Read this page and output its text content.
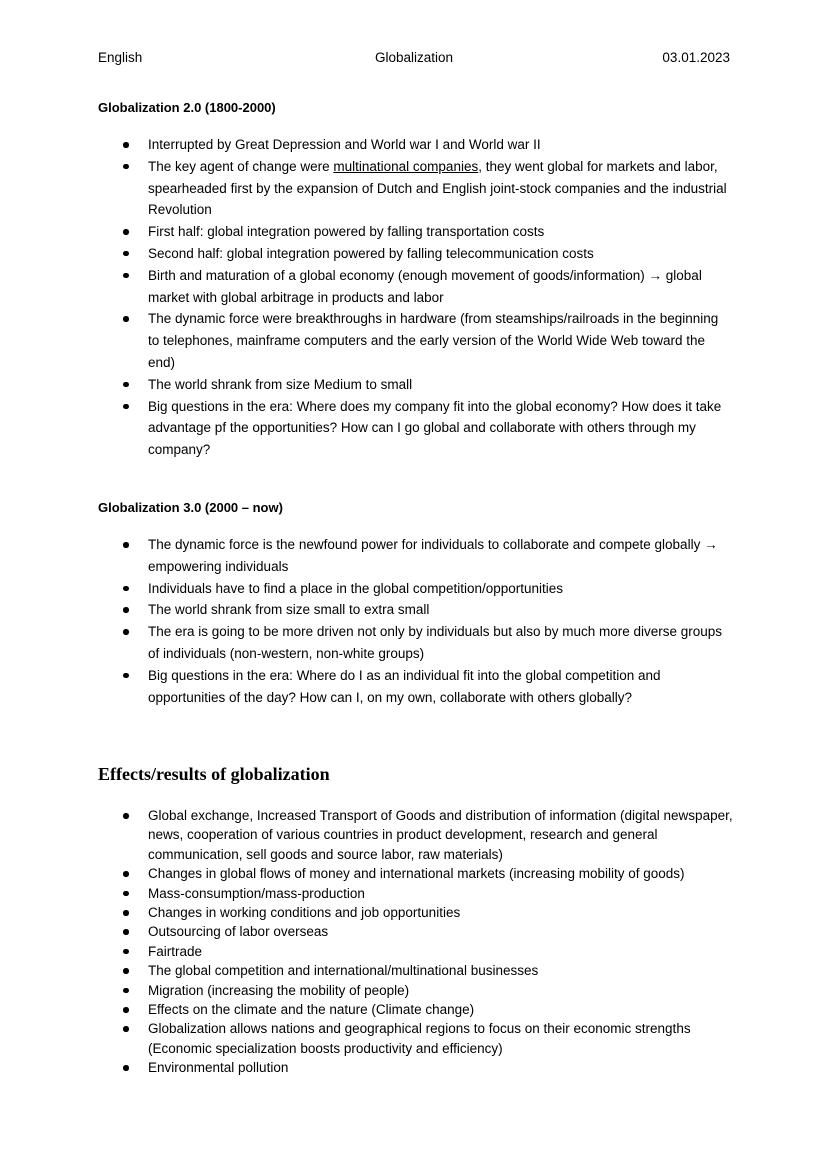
English	Globalization	03.01.2023
Globalization 2.0 (1800-2000)
Interrupted by Great Depression and World war I and World war II
The key agent of change were multinational companies, they went global for markets and labor, spearheaded first by the expansion of Dutch and English joint-stock companies and the industrial Revolution
First half: global integration powered by falling transportation costs
Second half: global integration powered by falling telecommunication costs
Birth and maturation of a global economy (enough movement of goods/information) → global market with global arbitrage in products and labor
The dynamic force were breakthroughs in hardware (from steamships/railroads in the beginning to telephones, mainframe computers and the early version of the World Wide Web toward the end)
The world shrank from size Medium to small
Big questions in the era: Where does my company fit into the global economy? How does it take advantage pf the opportunities? How can I go global and collaborate with others through my company?
Globalization 3.0 (2000 – now)
The dynamic force is the newfound power for individuals to collaborate and compete globally → empowering individuals
Individuals have to find a place in the global competition/opportunities
The world shrank from size small to extra small
The era is going to be more driven not only by individuals but also by much more diverse groups of individuals (non-western, non-white groups)
Big questions in the era: Where do I as an individual fit into the global competition and opportunities of the day? How can I, on my own, collaborate with others globally?
Effects/results of globalization
Global exchange, Increased Transport of Goods and distribution of information (digital newspaper, news, cooperation of various countries in product development, research and general communication, sell goods and source labor, raw materials)
Changes in global flows of money and international markets (increasing mobility of goods)
Mass-consumption/mass-production
Changes in working conditions and job opportunities
Outsourcing of labor overseas
Fairtrade
The global competition and international/multinational businesses
Migration (increasing the mobility of people)
Effects on the climate and the nature (Climate change)
Globalization allows nations and geographical regions to focus on their economic strengths (Economic specialization boosts productivity and efficiency)
Environmental pollution
